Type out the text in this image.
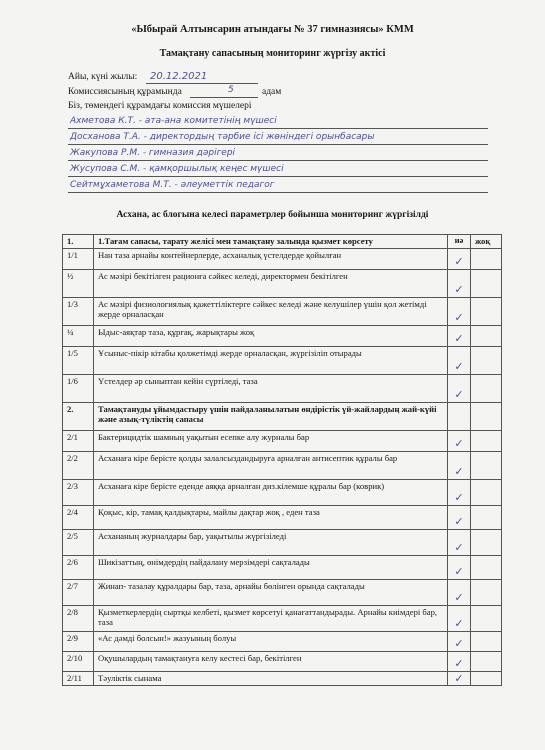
«Ыбырай Алтынсарин атындағы № 37 гимназиясы» КММ
Тамақтану сапасының мониторинг жүргізу актісі
Айы, күні жылы: 20.12.2021
Комиссиясының құрамында	5	адам
Біз, төмендегі құрамдағы комиссия мүшелері
Ахметова К.Т. - ата-ана комитетінің мүшесі
Досханова Т.А. - директордың тәрбие ісі жөніндегі орынбасары
Жакупова Р.М. - гимназия дәрігері
Жусупова С.М. - қамқоршылық кеңес мүшесі
Сейтмұхаметова М.Т. - әлеуметтік педагог
Асхана, ас блогына келесі параметрлер бойынша мониторинг жүргізілді
1.	1.Тағам сапасы, тарату желісі мен тамақтану залында қызмет көрсету	иә	жоқ
1/1	Нан таза арнайы контейнерлерде, асханалық үстелдерде қойылған	✓	
½	Ас мәзірі бекітілген рационға сәйкес келеді, директормен бекітілген	✓	
1/3	Ас мәзірі физиологиялық қажеттіліктерге сәйкес келеді және келушілер үшін қол жетімді жерде орналасқан	✓	
¼	Ыдыс-аяқтар таза, құрғақ, жарықтары жоқ	✓	
1/5	Ұсыныс-пікір кітабы қолжетімді жерде орналасқан, жүргізіліп отырады	✓	
1/6	Үстелдер әр сыныптан кейін сүртіледі, таза	✓	
2.	Тамақтануды ұйымдастыру үшін пайдаланылатын өндірістік үй-жайлардың жай-күйі және азық-түліктің сапасы		
2/1	Бактерицидтік шамның уақытын есепке алу журналы бар	✓	
2/2	Асханаға кіре берісте қолды залалсыздандыруға арналған антисептик құралы бар	✓	
2/3	Асханаға кіре берісте еденде аяққа арналған диз.кілемше құралы бар (коврик)	✓	
2/4	Қоқыс, кір, тамақ қалдықтары, майлы дақтар жоқ , еден таза	✓	
2/5	Асхананың журналдары бар, уақытылы жүргізіледі	✓	
2/6	Шикізаттың, өнімдердің пайдалану мерзімдері сақталады	✓	
2/7	Жинап- тазалау құралдары бар, таза, арнайы бөлінген орында сақталады	✓	
2/8	Қызметкерлердің сыртқы келбеті, қызмет көрсетуі қанағаттандырады. Арнайы киімдері бар, таза	✓	
2/9	«Ас дәмді болсын!» жазуының болуы	✓	
2/10	Оқушылардың тамақтануға келу кестесі бар, бекітілген	✓	
2/11	Тәуліктік сынама	✓	
